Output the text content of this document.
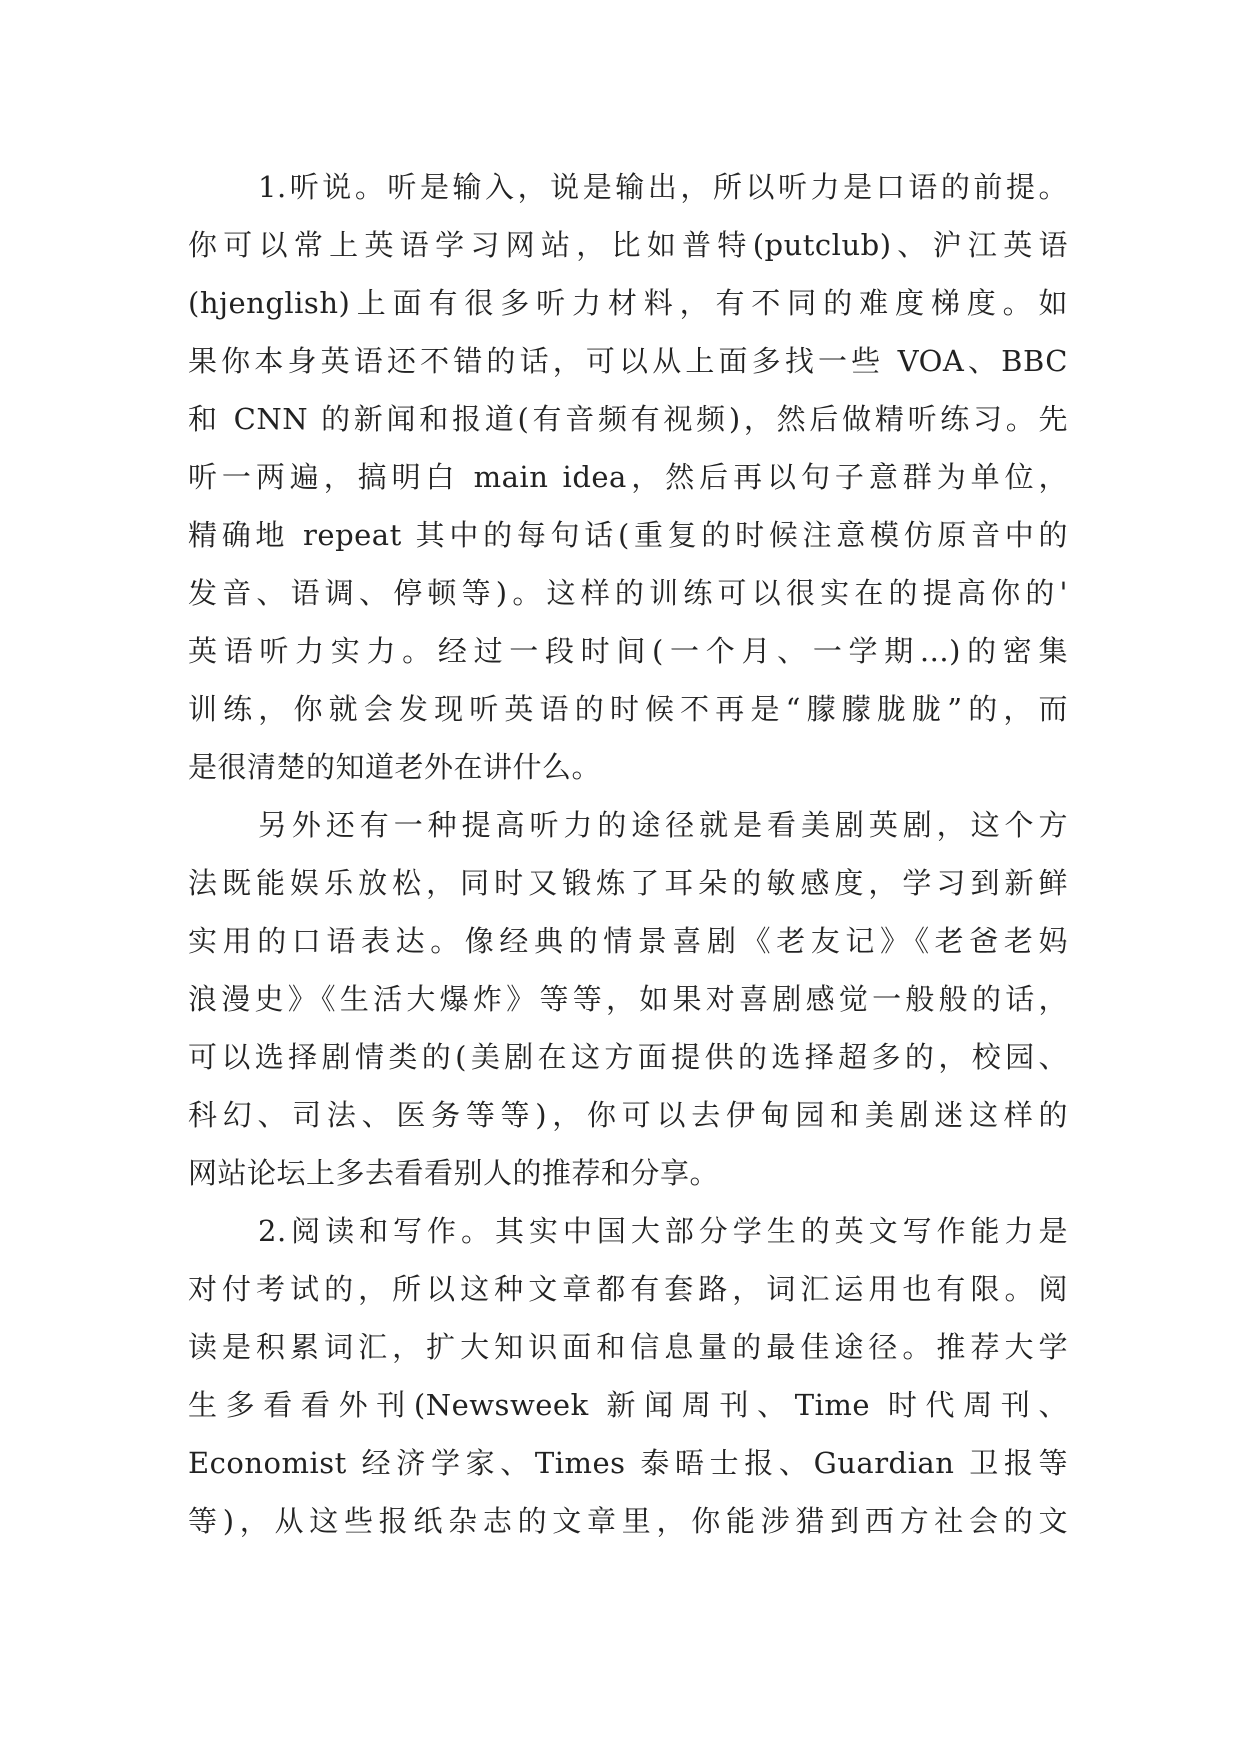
1.听说。听是输入，说是输出，所以听力是口语的前提。
你可以常上英语学习网站，比如普特(putclub)、沪江英语
(hjenglish)上面有很多听力材料，有不同的难度梯度。如
果你本身英语还不错的话，可以从上面多找一些 VOA、BBC
和 CNN 的新闻和报道(有音频有视频)，然后做精听练习。先
听一两遍，搞明白 main idea，然后再以句子意群为单位，
精确地 repeat 其中的每句话(重复的时候注意模仿原音中的
发音、语调、停顿等)。这样的训练可以很实在的提高你的'
英语听力实力。经过一段时间(一个月、一学期...)的密集
训练，你就会发现听英语的时候不再是“朦朦胧胧”的，而
是很清楚的知道老外在讲什么。
另外还有一种提高听力的途径就是看美剧英剧，这个方
法既能娱乐放松，同时又锻炼了耳朵的敏感度，学习到新鲜
实用的口语表达。像经典的情景喜剧《老友记》《老爸老妈
浪漫史》《生活大爆炸》等等，如果对喜剧感觉一般般的话，
可以选择剧情类的(美剧在这方面提供的选择超多的，校园、
科幻、司法、医务等等)，你可以去伊甸园和美剧迷这样的
网站论坛上多去看看别人的推荐和分享。
2.阅读和写作。其实中国大部分学生的英文写作能力是
对付考试的，所以这种文章都有套路，词汇运用也有限。阅
读是积累词汇，扩大知识面和信息量的最佳途径。推荐大学
生多看看外刊(Newsweek 新闻周刊、Time 时代周刊、
Economist 经济学家、Times 泰晤士报、Guardian 卫报等
等)，从这些报纸杂志的文章里，你能涉猎到西方社会的文
